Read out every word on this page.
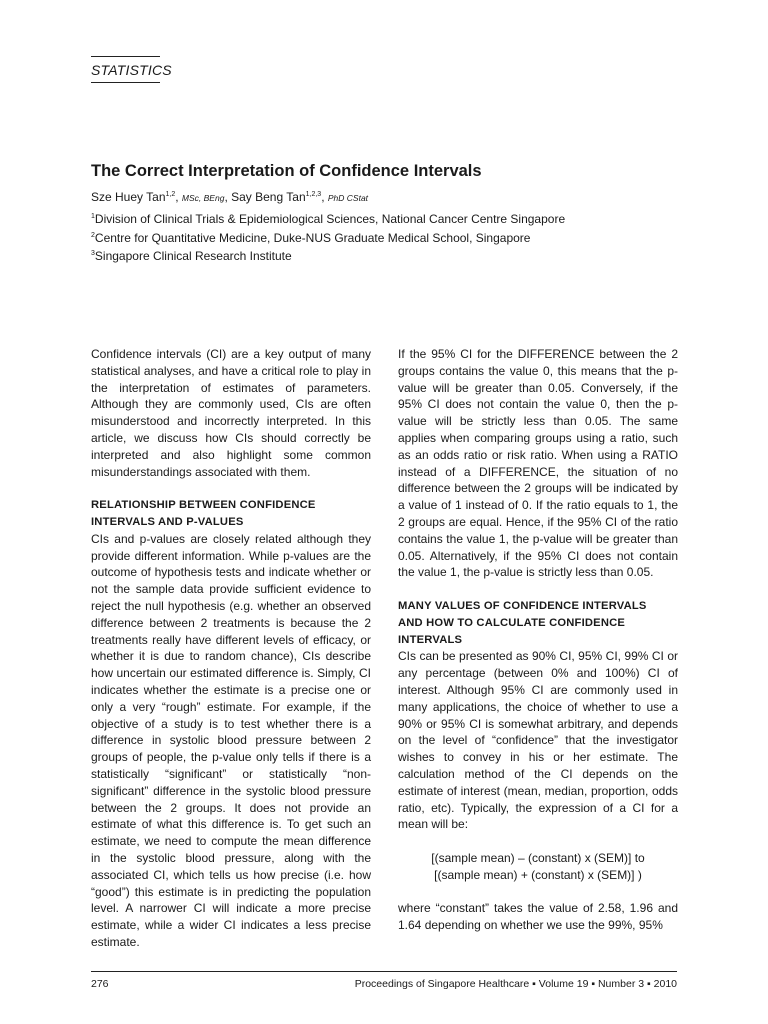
STATISTICS
The Correct Interpretation of Confidence Intervals
Sze Huey Tan$^{1,2}$, MSc, BEng, Say Beng Tan$^{1,2,3}$, PhD CStat
$^1$Division of Clinical Trials & Epidemiological Sciences, National Cancer Centre Singapore
$^2$Centre for Quantitative Medicine, Duke-NUS Graduate Medical School, Singapore
$^3$Singapore Clinical Research Institute

Confidence intervals (CI) are a key output of many statistical analyses, and have a critical role to play in the interpretation of estimates of parameters. Although they are commonly used, CIs are often misunderstood and incorrectly interpreted. In this article, we discuss how CIs should correctly be interpreted and also highlight some common misunderstandings associated with them.

RELATIONSHIP BETWEEN CONFIDENCE
INTERVALS AND P-VALUES

CIs and p-values are closely related although they provide different information. While p-values are the outcome of hypothesis tests and indicate whether or not the sample data provide sufficient evidence to reject the null hypothesis (e.g. whether an observed difference between 2 treatments is because the 2 treatments really have different levels of efficacy, or whether it is due to random chance), CIs describe how uncertain our estimated difference is. Simply, CI indicates whether the estimate is a precise one or only a very “rough” estimate. For example, if the objective of a study is to test whether there is a difference in systolic blood pressure between 2 groups of people, the p-value only tells if there is a statistically “significant” or statistically “non-significant” difference in the systolic blood pressure between the 2 groups. It does not provide an estimate of what this difference is. To get such an estimate, we need to compute the mean difference in the systolic blood pressure, along with the associated CI, which tells us how precise (i.e. how “good”) this estimate is in predicting the population level. A narrower CI will indicate a more precise estimate, while a wider CI indicates a less precise estimate.

If the 95% CI for the DIFFERENCE between the 2 groups contains the value 0, this means that the p-value will be greater than 0.05. Conversely, if the 95% CI does not contain the value 0, then the p-value will be strictly less than 0.05. The same applies when comparing groups using a ratio, such as an odds ratio or risk ratio. When using a RATIO instead of a DIFFERENCE, the situation of no difference between the 2 groups will be indicated by a value of 1 instead of 0. If the ratio equals to 1, the 2 groups are equal. Hence, if the 95% CI of the ratio contains the value 1, the p-value will be greater than 0.05. Alternatively, if the 95% CI does not contain the value 1, the p-value is strictly less than 0.05.

MANY VALUES OF CONFIDENCE INTERVALS
AND HOW TO CALCULATE CONFIDENCE
INTERVALS

CIs can be presented as 90% CI, 95% CI, 99% CI or any percentage (between 0% and 100%) CI of interest. Although 95% CI are commonly used in many applications, the choice of whether to use a 90% or 95% CI is somewhat arbitrary, and depends on the level of “confidence” that the investigator wishes to convey in his or her estimate. The calculation method of the CI depends on the estimate of interest (mean, median, proportion, odds ratio, etc). Typically, the expression of a CI for a mean will be:

[(sample mean) – (constant) x (SEM)] to
[(sample mean) + (constant) x (SEM)] )

where “constant” takes the value of 2.58, 1.96 and 1.64 depending on whether we use the 99%, 95%

276	Proceedings of Singapore Healthcare ▪ Volume 19 ▪ Number 3 ▪ 2010
